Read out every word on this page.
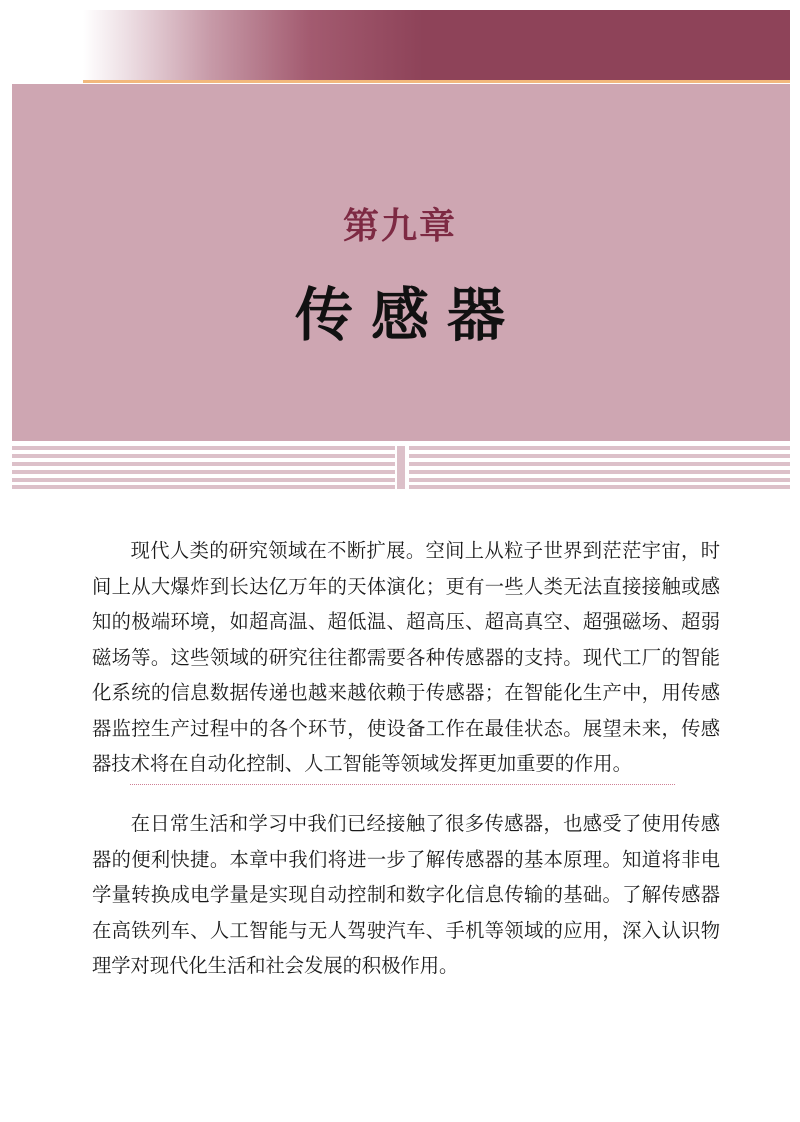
第九章
传感器

现代人类的研究领域在不断扩展。空间上从粒子世界到茫茫宇宙，时间上从大爆炸到长达亿万年的天体演化；更有一些人类无法直接接触或感知的极端环境，如超高温、超低温、超高压、超高真空、超强磁场、超弱磁场等。这些领域的研究往往都需要各种传感器的支持。现代工厂的智能化系统的信息数据传递也越来越依赖于传感器；在智能化生产中，用传感器监控生产过程中的各个环节，使设备工作在最佳状态。展望未来，传感器技术将在自动化控制、人工智能等领域发挥更加重要的作用。

在日常生活和学习中我们已经接触了很多传感器，也感受了使用传感器的便利快捷。本章中我们将进一步了解传感器的基本原理。知道将非电学量转换成电学量是实现自动控制和数字化信息传输的基础。了解传感器在高铁列车、人工智能与无人驾驶汽车、手机等领域的应用，深入认识物理学对现代化生活和社会发展的积极作用。
